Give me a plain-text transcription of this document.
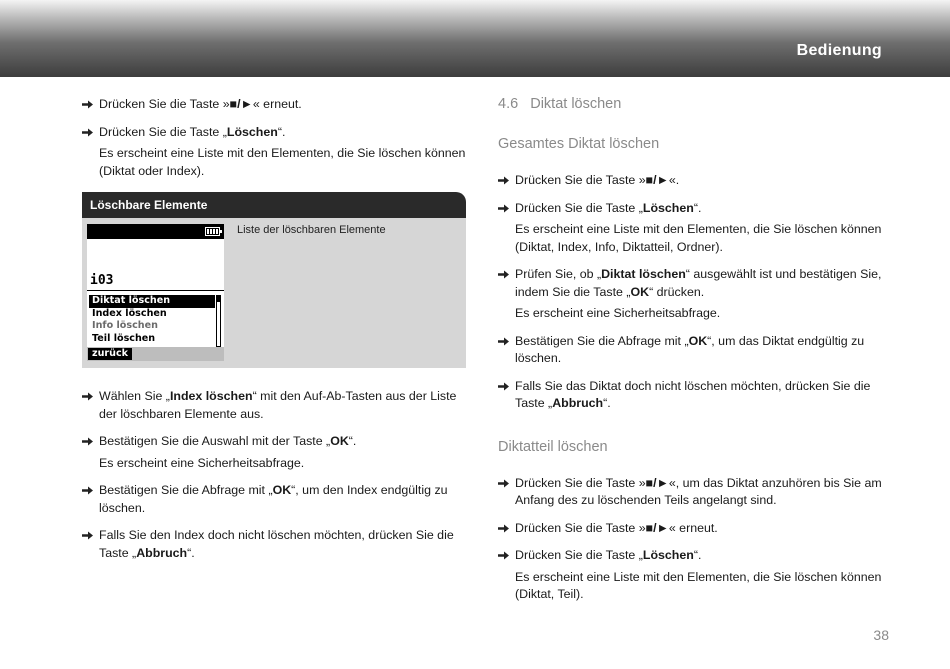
Bedienung
Drücken Sie die Taste »■/►« erneut.
Drücken Sie die Taste „Löschen“.
Es erscheint eine Liste mit den Elementen, die Sie löschen können (Diktat oder Index).
Löschbare Elemente
i03
Diktat löschen
Index löschen
Info löschen
Teil löschen
zurück
Liste der löschbaren Elemente
Wählen Sie „Index löschen“ mit den Auf-Ab-Tasten aus der Liste der löschbaren Elemente aus.
Bestätigen Sie die Auswahl mit der Taste „OK“.
Es erscheint eine Sicherheitsabfrage.
Bestätigen Sie die Abfrage mit „OK“, um den Index endgültig zu löschen.
Falls Sie den Index doch nicht löschen möchten, drücken Sie die Taste „Abbruch“.
4.6   Diktat löschen
Gesamtes Diktat löschen
Drücken Sie die Taste »■/►«.
Drücken Sie die Taste „Löschen“.
Es erscheint eine Liste mit den Elementen, die Sie löschen können (Diktat, Index, Info, Diktatteil, Ordner).
Prüfen Sie, ob „Diktat löschen“ ausgewählt ist und bestätigen Sie, indem Sie die Taste „OK“ drücken.
Es erscheint eine Sicherheitsabfrage.
Bestätigen Sie die Abfrage mit „OK“, um das Diktat endgültig zu löschen.
Falls Sie das Diktat doch nicht löschen möchten, drücken Sie die Taste „Abbruch“.
Diktatteil löschen
Drücken Sie die Taste »■/►«, um das Diktat anzuhören bis Sie am Anfang des zu löschenden Teils angelangt sind.
Drücken Sie die Taste »■/►« erneut.
Drücken Sie die Taste „Löschen“.
Es erscheint eine Liste mit den Elementen, die Sie löschen können (Diktat, Teil).
38
